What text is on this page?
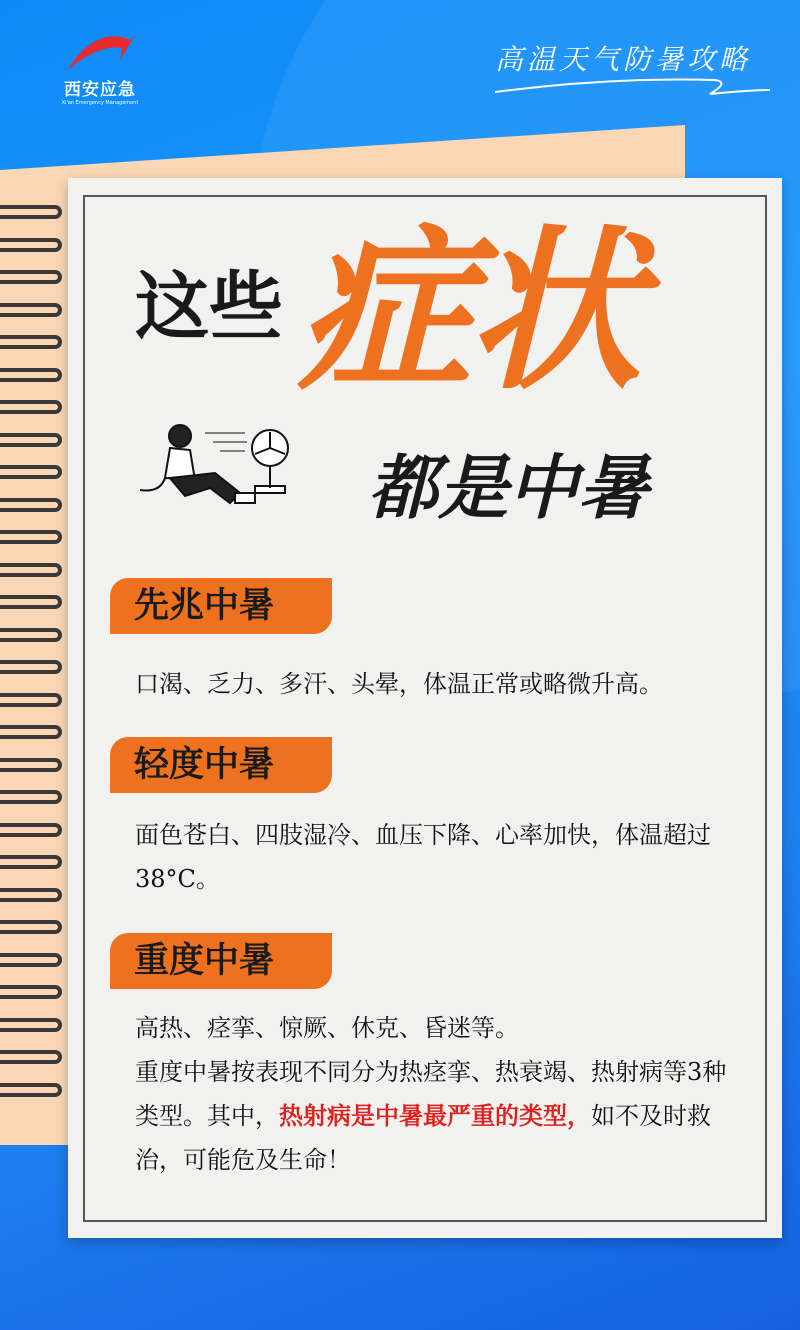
西安应急
Xi'an Emergency Management
高温天气防暑攻略
这些 症状
都是中暑
先兆中暑
口渴、乏力、多汗、头晕，体温正常或略微升高。
轻度中暑
面色苍白、四肢湿冷、血压下降、心率加快，体温超过38°C。
重度中暑
高热、痉挛、惊厥、休克、昏迷等。
重度中暑按表现不同分为热痉挛、热衰竭、热射病等3种类型。其中，热射病是中暑最严重的类型，如不及时救治，可能危及生命！
